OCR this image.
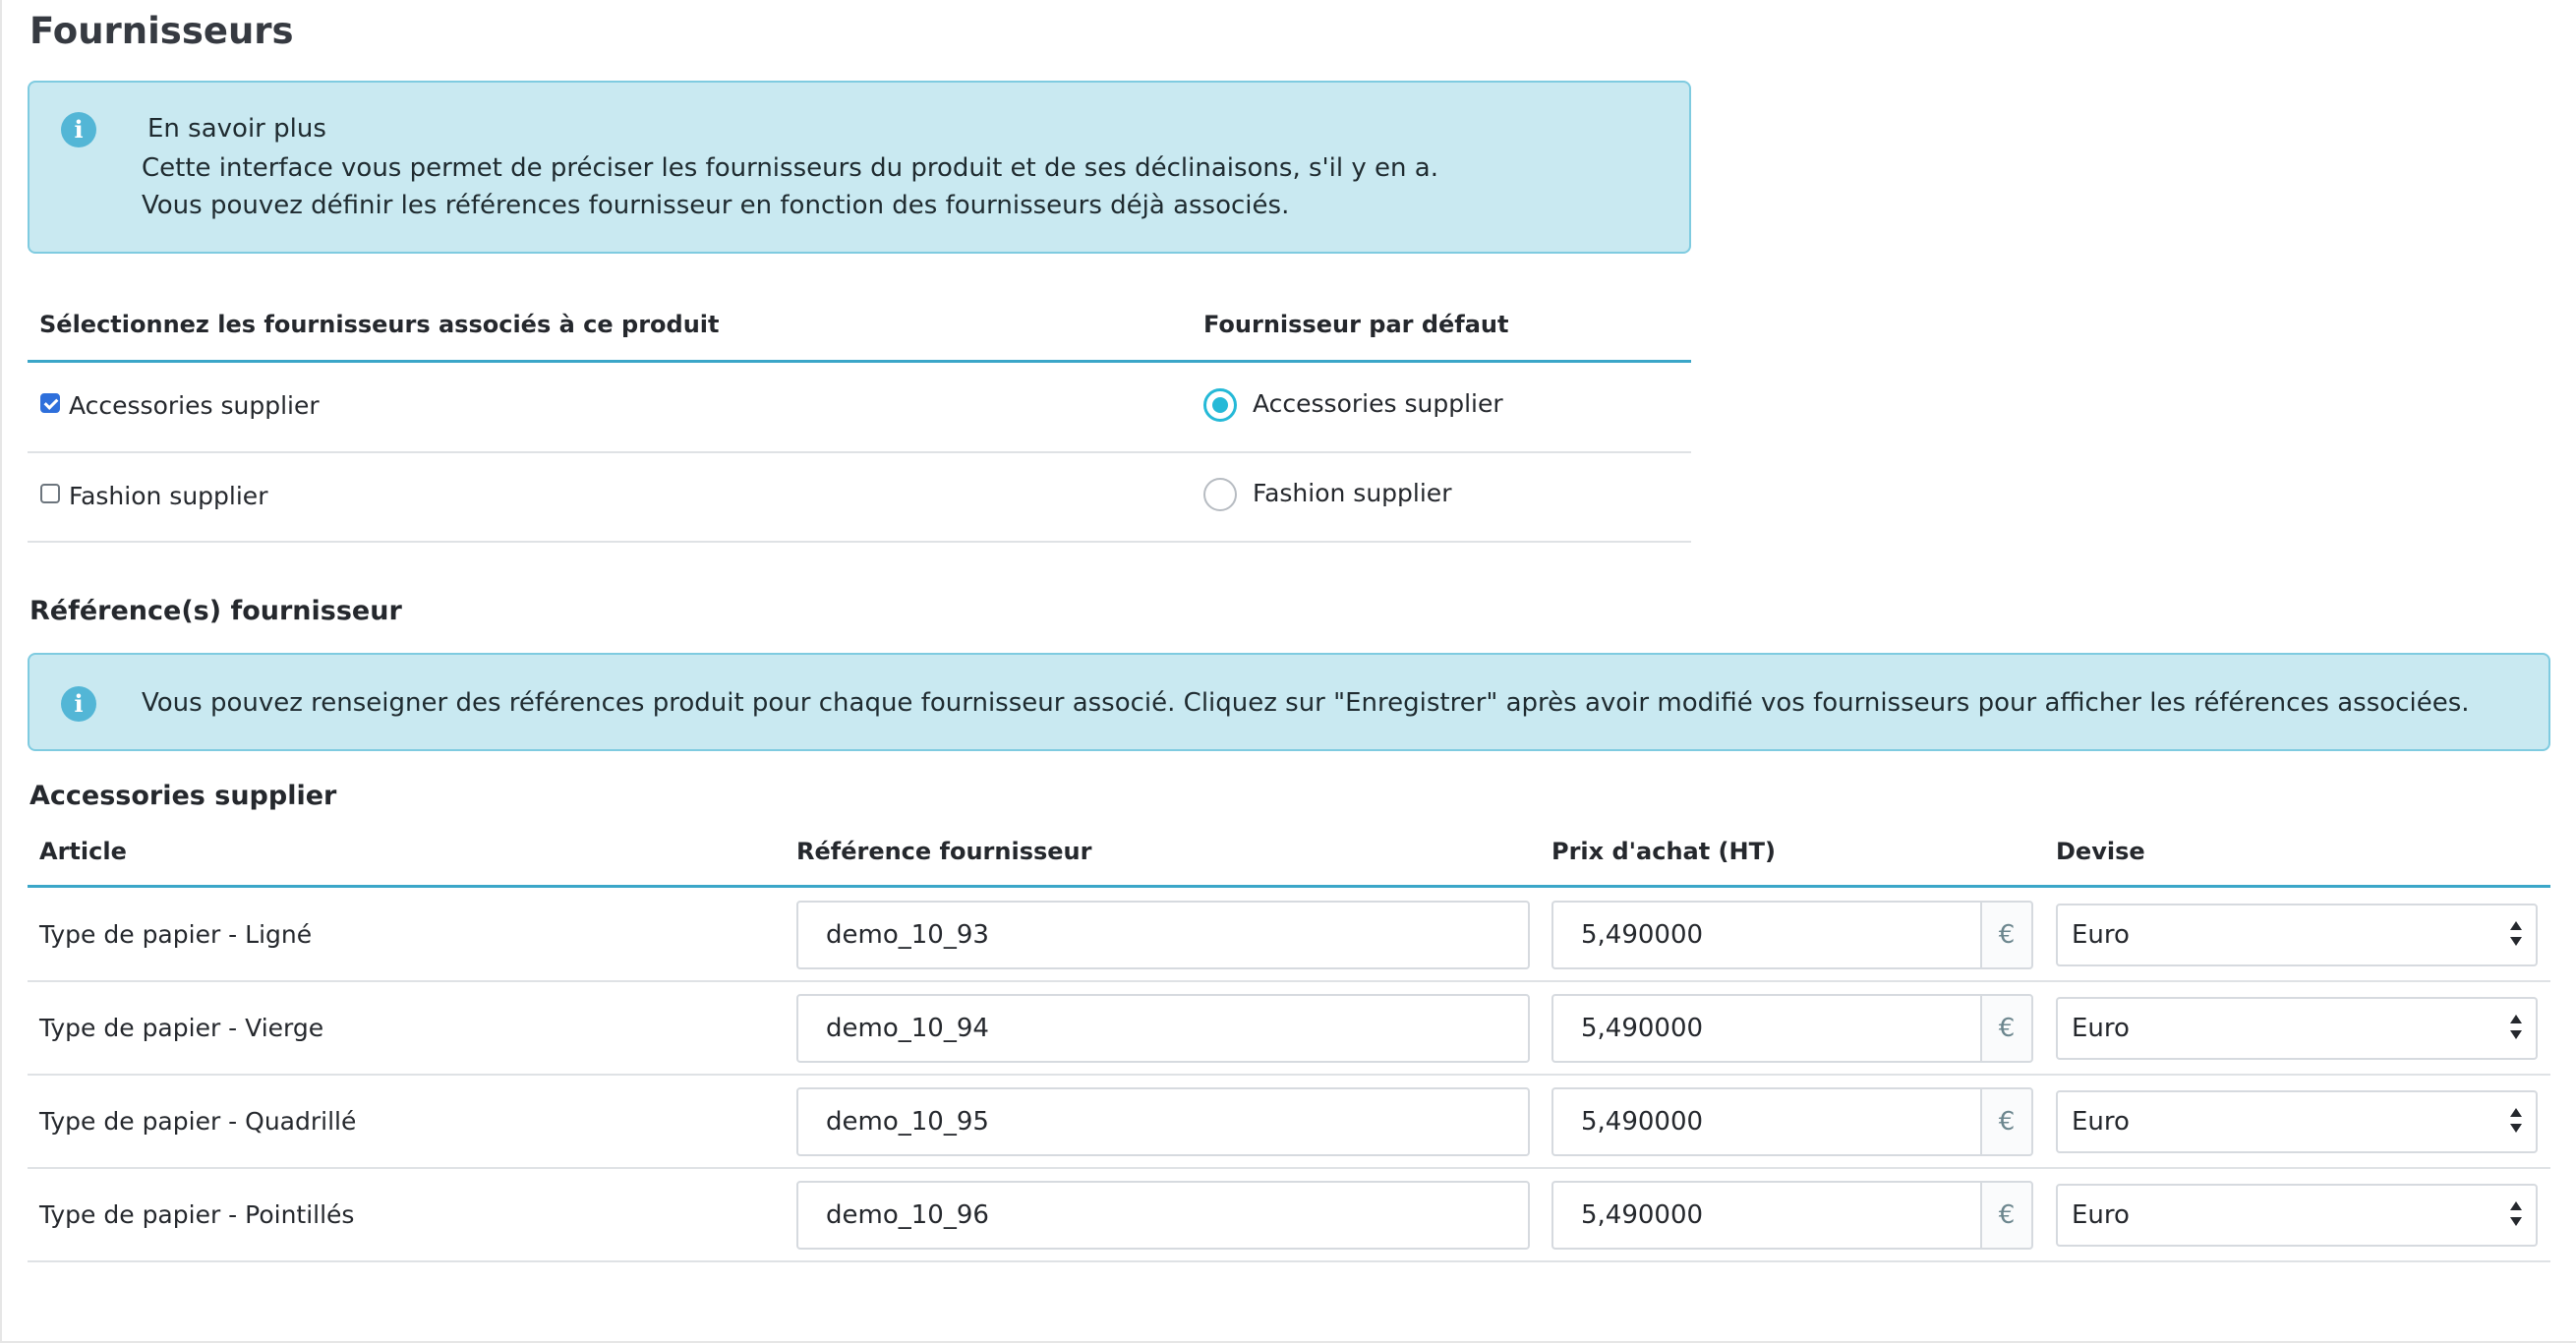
Fournisseurs
i	En savoir plus
Cette interface vous permet de préciser les fournisseurs du produit et de ses déclinaisons, s'il y en a.
Vous pouvez définir les références fournisseur en fonction des fournisseurs déjà associés.
Sélectionnez les fournisseurs associés à ce produit	Fournisseur par défaut
Accessories supplier	Accessories supplier
Fashion supplier	Fashion supplier
Référence(s) fournisseur
i	Vous pouvez renseigner des références produit pour chaque fournisseur associé. Cliquez sur "Enregistrer" après avoir modifié vos fournisseurs pour afficher les références associées.
Accessories supplier
Article	Référence fournisseur	Prix d'achat (HT)	Devise
Type de papier - Ligné	demo_10_93	5,490000	€	Euro
Type de papier - Vierge	demo_10_94	5,490000	€	Euro
Type de papier - Quadrillé	demo_10_95	5,490000	€	Euro
Type de papier - Pointillés	demo_10_96	5,490000	€	Euro
